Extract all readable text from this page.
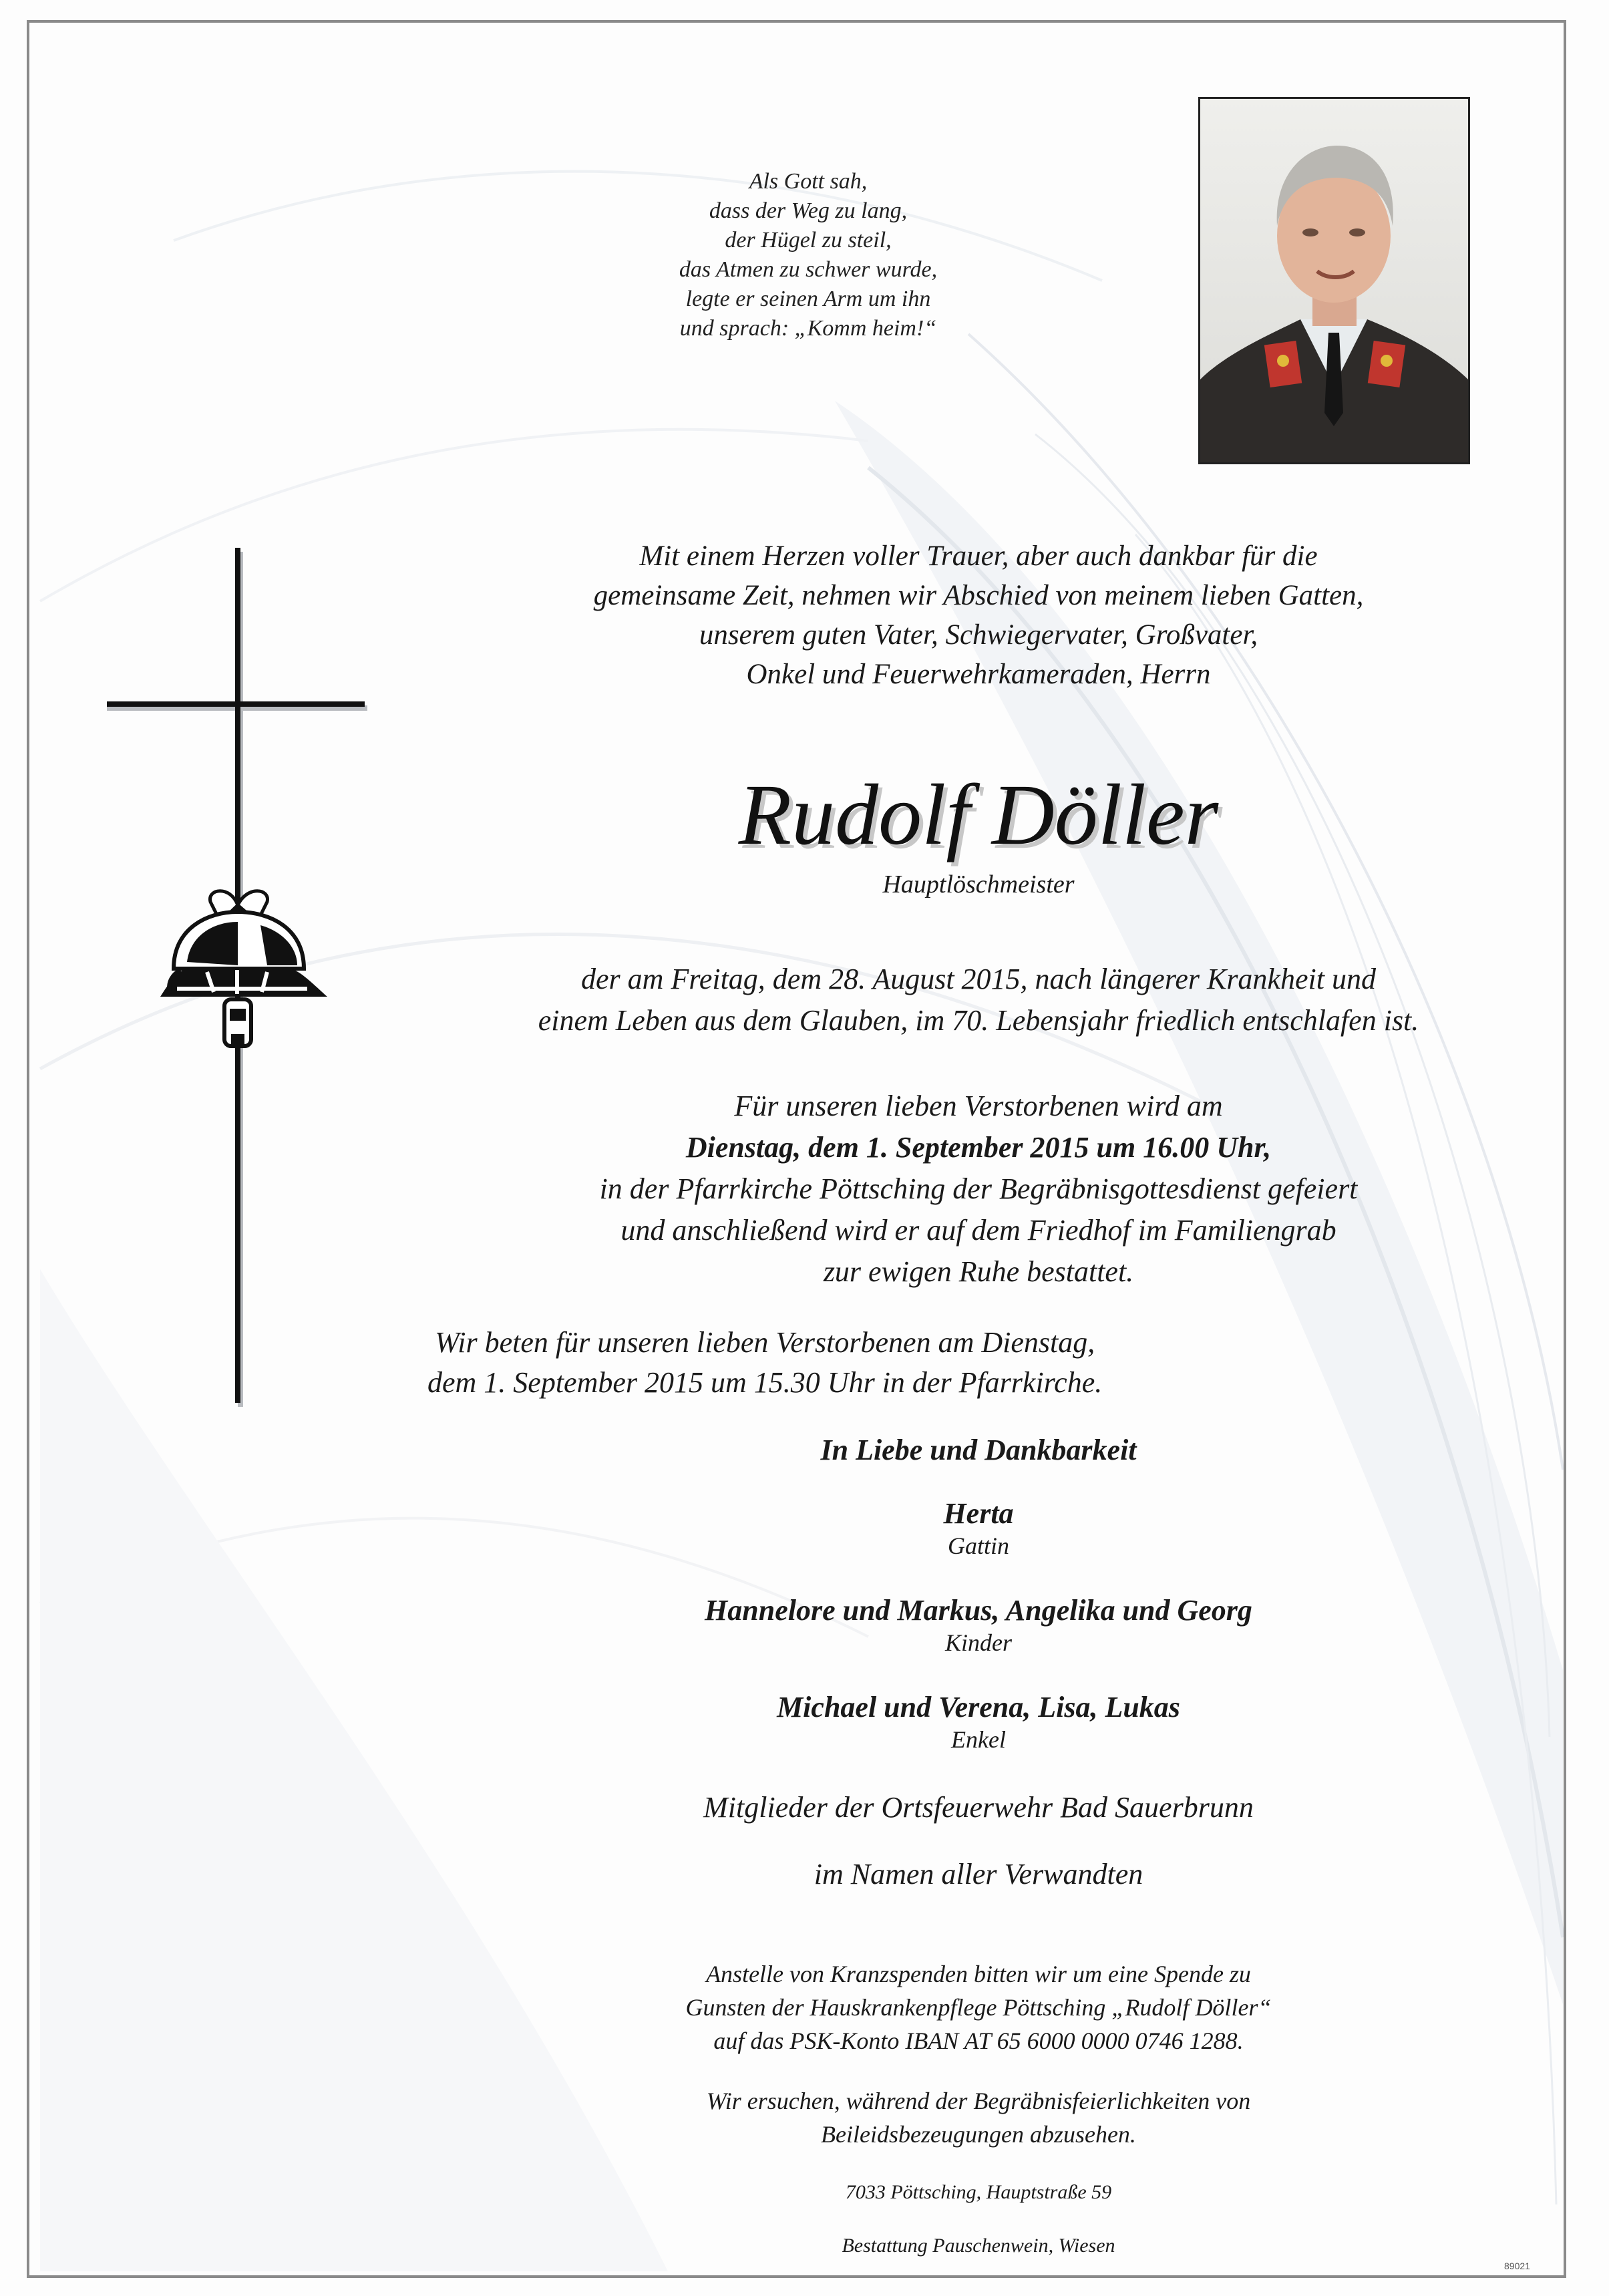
Als Gott sah,
dass der Weg zu lang,
der Hügel zu steil,
das Atmen zu schwer wurde,
legte er seinen Arm um ihn
und sprach: „Komm heim!“
Mit einem Herzen voller Trauer, aber auch dankbar für die
gemeinsame Zeit, nehmen wir Abschied von meinem lieben Gatten,
unserem guten Vater, Schwiegervater, Großvater,
Onkel und Feuerwehrkameraden, Herrn
Rudolf Döller
Hauptlöschmeister
der am Freitag, dem 28. August 2015, nach längerer Krankheit und
einem Leben aus dem Glauben, im 70. Lebensjahr friedlich entschlafen ist.
Für unseren lieben Verstorbenen wird am
Dienstag, dem 1. September 2015 um 16.00 Uhr,
in der Pfarrkirche Pöttsching der Begräbnisgottesdienst gefeiert
und anschließend wird er auf dem Friedhof im Familiengrab
zur ewigen Ruhe bestattet.
Wir beten für unseren lieben Verstorbenen am Dienstag,
dem 1. September 2015 um 15.30 Uhr in der Pfarrkirche.
In Liebe und Dankbarkeit
Herta
Gattin
Hannelore und Markus, Angelika und Georg
Kinder
Michael und Verena, Lisa, Lukas
Enkel
Mitglieder der Ortsfeuerwehr Bad Sauerbrunn
im Namen aller Verwandten
Anstelle von Kranzspenden bitten wir um eine Spende zu
Gunsten der Hauskrankenpflege Pöttsching „Rudolf Döller“
auf das PSK-Konto IBAN AT 65 6000 0000 0746 1288.
Wir ersuchen, während der Begräbnisfeierlichkeiten von
Beileidsbezeugungen abzusehen.
7033 Pöttsching, Hauptstraße 59
Bestattung Pauschenwein, Wiesen
89021
